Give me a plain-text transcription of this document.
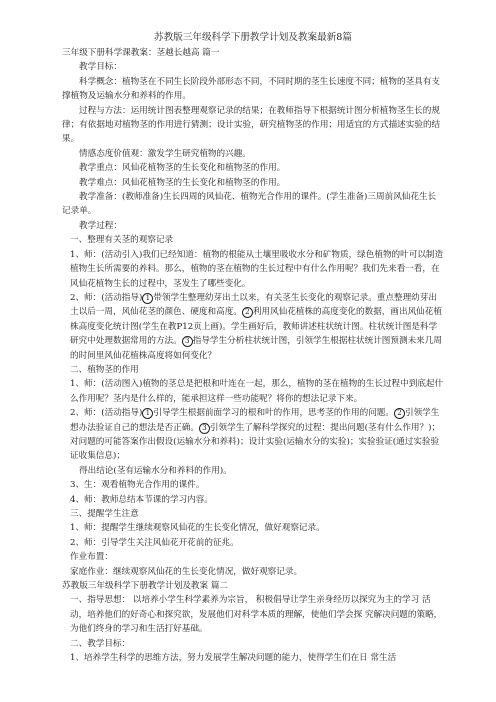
苏教版三年级科学下册教学计划及教案最新8篇

三年级下册科学课教案：茎越长越高 篇一

教学目标：

科学概念：植物茎在不同生长阶段外部形态不同，不同时期的茎生长速度不同；植物的茎具有支撑植物及运输水分和养料的作用。

过程与方法：运用统计图表整理观察记录的结果；在教师指导下根据统计图分析植物茎生长的规律；有依据地对植物茎的作用进行猜测；设计实验，研究植物茎的作用；用适宜的方式描述实验的结果。

情感态度价值观：激发学生研究植物的兴趣。

教学重点：风仙花植物茎的生长变化和植物茎的作用。

教学难点：风仙花植物茎的生长变化和植物茎的作用。

教学准备：(教师准备)生长四周的风仙花、植物光合作用的课件。(学生准备)三周前风仙花生长记录单。

教学过程：

一、整理有关茎的观察记录

1、师：(活动引入)我们已经知道：植物的根能从土壤里吸收水分和矿物质，绿色植物的叶可以制造植物生长所需要的养料。那么，植物的茎在植物的生长过程中有什么作用呢？我们先来看一看，在风仙花植物生长的过程中，茎发生了哪些变化。

2、师：(活动指导) 1 带领学生整理幼芽出土以来，有关茎生长变化的观察记录。重点整理幼芽出土以后一周，风仙花茎的颜色、硬度和高度。 2 利用风仙花植株的高度变化的数据，画出风仙花植株高度变化统计图(学生在教P12页上画)。学生画好后，教师讲述柱状统计图。柱状统计图是科学研究中处理数据常用的方法。 3 指导学生分析柱状统计图，引领学生根据柱状统计图预测未来几周的时间里风仙花植株高度将如何变化？

二、植物茎的作用

1、师：(活动图入)植物的茎总是把根和叶连在一起，那么，植物的茎在植物的生长过程中到底起什么作用呢？茎内是什么样的，能承担这样一些功能呢？将你的想法记录下来。

2、师：(活动指导) 1 引导学生根据前面学习的根和叶的作用，思考茎的作用的问题。 2 引领学生想办法验证自己的想法是否正确。 3 引领学生了解科学探究的过程：提出问题(茎有什么作用？)；对问题的可能答案作出假设(运输水分和养料)；设计实验(运输水分的实验)；实验验证(通过实验验证收集信息)；

得出结论(茎有运输水分和养料的作用)。

3、生：观看植物光合作用的课件。

4、师：教师总结本节课的学习内容。

三、提醒学生注意

1、师：提醒学生继续观察风仙花的生长变化情况，做好观察记录。

2、师：引导学生关注风仙花开花前的征兆。

作业布置：

家庭作业：继续观察风仙花的生长变化情况，做好观察记录。

苏教版三年级科学下册教学计划及教案 篇二

一、指导思想： 以培养小学生科学素养为宗旨， 积极倡导让学生亲身经历以探究为主的学习 活动，培养他们的好奇心和探究欲，发展他们对科学本质的理解，使他们学会探 究解决问题的策略，为他们终身的学习和生活打好基础。

二、教学目标：

1、培养学生科学的思维方法，努力发展学生解决问题的能力，使得学生们在日 常生活
